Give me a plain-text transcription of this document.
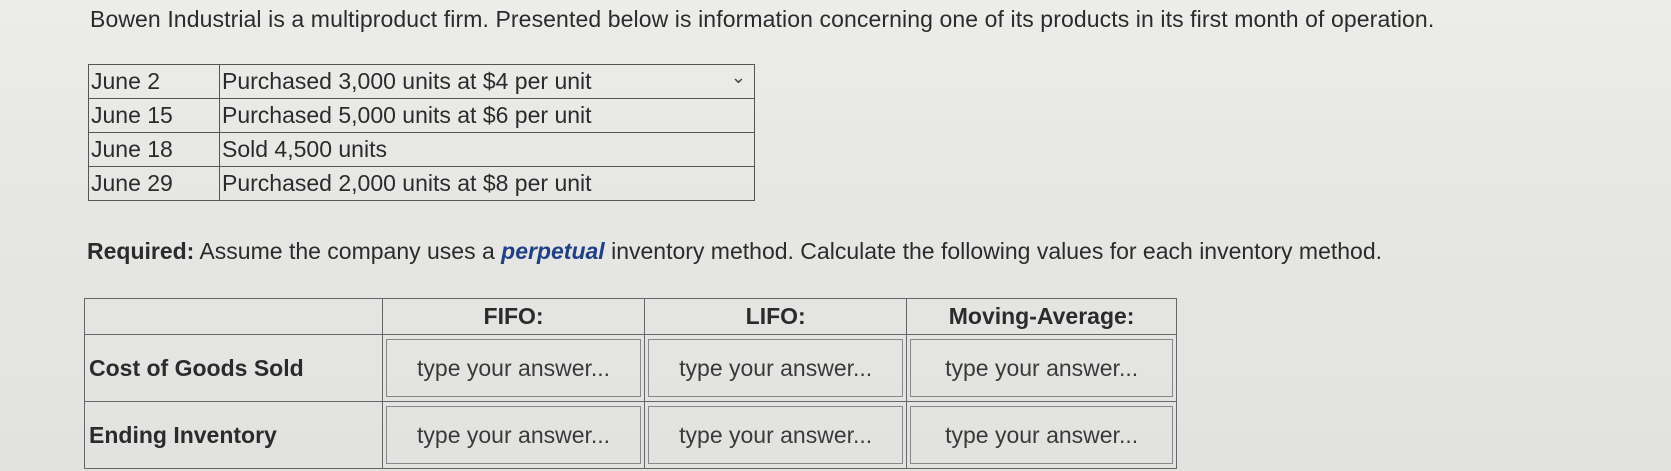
Bowen Industrial is a multiproduct firm. Presented below is information concerning one of its products in its first month of operation.
June 2	Purchased 3,000 units at $4 per unit ⌄

June 15	Purchased 5,000 units at $6 per unit
June 18	Sold 4,500 units
June 29	Purchased 2,000 units at $8 per unit
Required: Assume the company uses a perpetual inventory method. Calculate the following values for each inventory method.
	FIFO:	LIFO:	Moving-Average:
Cost of Goods Sold	type your answer...	type your answer...	type your answer...
Ending Inventory	type your answer...	type your answer...	type your answer...
